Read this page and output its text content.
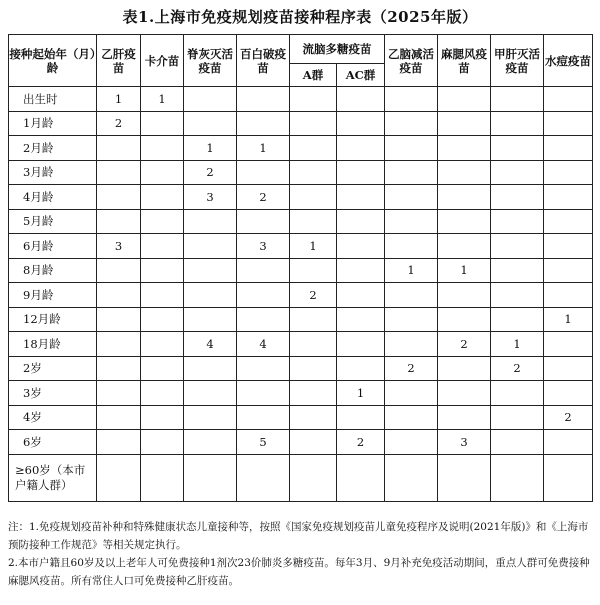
表1.上海市免疫规划疫苗接种程序表（2025年版）
接种起始年（月）龄	乙肝疫苗	卡介苗	脊灰灭活疫苗	百白破疫苗	流脑多糖疫苗		乙脑减活疫苗	麻腮风疫苗	甲肝灭活疫苗	水痘疫苗
					A群	AC群				
出生时	1	1								
1月龄	2									
2月龄			1	1						
3月龄			2							
4月龄			3	2						
5月龄										
6月龄	3			3	1					
8月龄							1	1		
9月龄					2					
12月龄										1
18月龄			4	4				2	1	
2岁							2		2	
3岁						1				
4岁										2
6岁				5		2		3		
≥60岁（本市户籍人群）										

注：1.免疫规划疫苗补种和特殊健康状态儿童接种等，按照《国家免疫规划疫苗儿童免疫程序及说明(2021年版)》和《上海市预防接种工作规范》等相关规定执行。

2.本市户籍且60岁及以上老年人可免费接种1剂次23价肺炎多糖疫苗。每年3月、9月补充免疫活动期间，重点人群可免费接种麻腮风疫苗。所有常住人口可免费接种乙肝疫苗。
